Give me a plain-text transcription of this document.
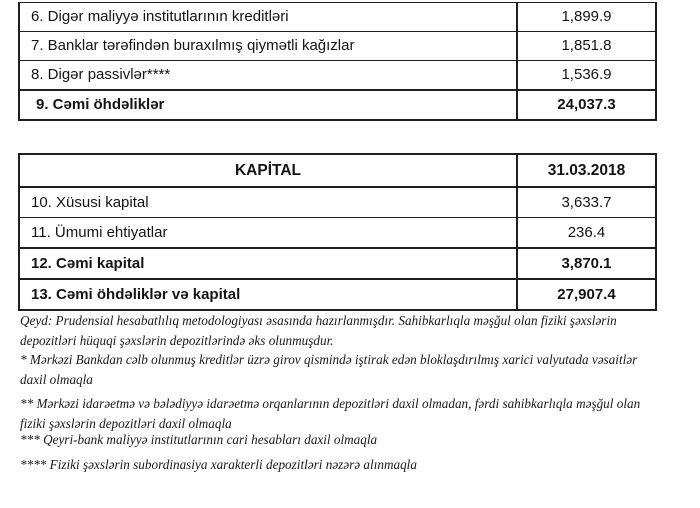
6. Digər maliyyə institutlarının kreditləri	1,899.9
7. Banklar tərəfindən buraxılmış qiymətli kağızlar	1,851.8
8. Digər passivlər****	1,536.9
9. Cəmi öhdəliklər	24,037.3
KAPİTAL	31.03.2018
10. Xüsusi kapital	3,633.7
11. Ümumi ehtiyatlar	236.4
12. Cəmi kapital	3,870.1
13. Cəmi öhdəliklər və kapital	27,907.4

Qeyd: Prudensial hesabatlılıq metodologiyası əsasında hazırlanmışdır. Sahibkarlıqla məşğul olan fiziki şəxslərin depozitləri hüquqi şəxslərin depozitlərində əks olunmuşdur.

* Mərkəzi Bankdan cəlb olunmuş kreditlər üzrə girov qismində iştirak edən bloklaşdırılmış xarici valyutada vəsaitlər daxil olmaqla

** Mərkəzi idarəetmə və bələdiyyə idarəetmə orqanlarının depozitləri daxil olmadan, fərdi sahibkarlıqla məşğul olan fiziki şəxslərin depozitləri daxil olmaqla

*** Qeyri-bank maliyyə institutlarının cari hesabları daxil olmaqla

**** Fiziki şəxslərin subordinasiya xarakterli depozitləri nəzərə alınmaqla
